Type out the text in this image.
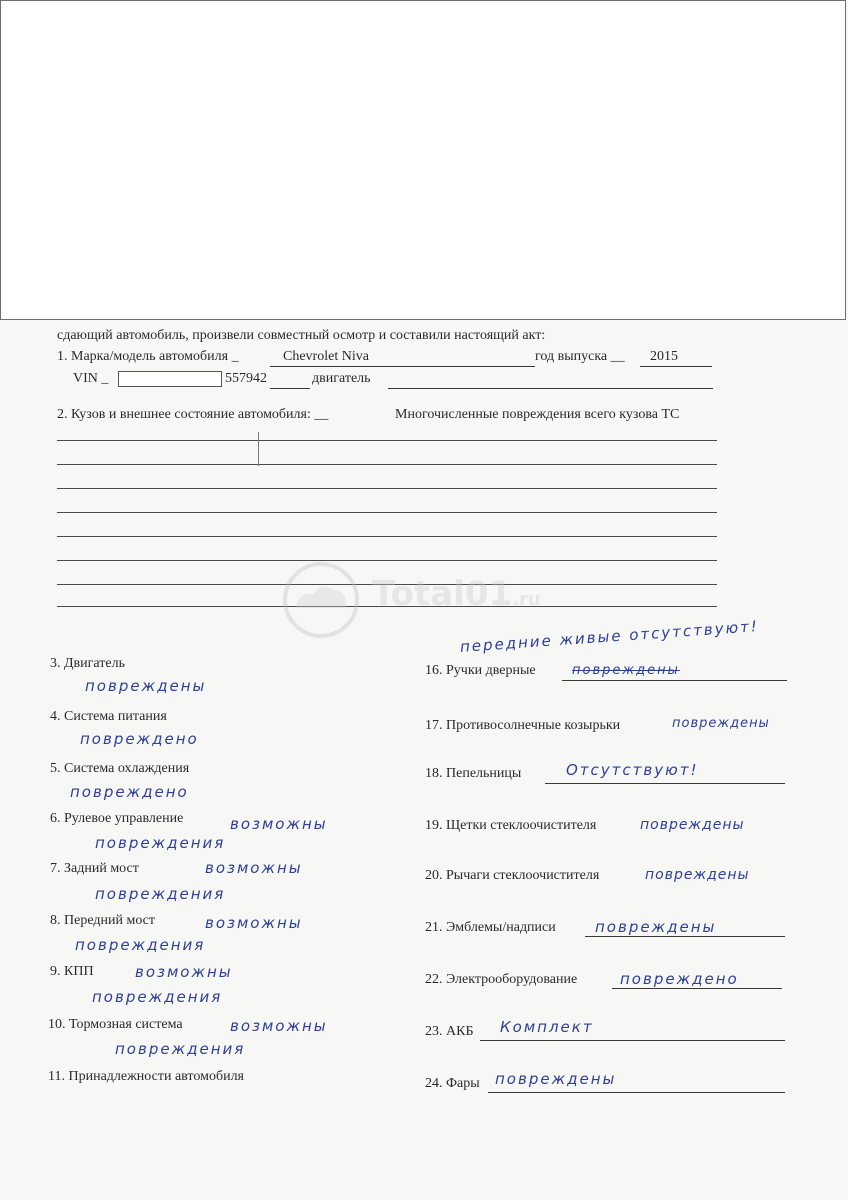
сдающий автомобиль, произвели совместный осмотр и составили настоящий акт:
1. Марка/модель автомобиля _	Chevrolet Niva	год выпуска __ 2015
VIN _	557942	двигатель
2. Кузов и внешнее состояние автомобиля: __	Многочисленные повреждения всего кузова ТС
Total01.ru
3. Двигатель
повреждены
4. Система питания
повреждено
5. Система охлаждения
повреждено
6. Рулевое управление	возможны
повреждения
7. Задний мост	возможны
повреждения
8. Передний мост	возможны
повреждения
9. КПП	возможны
повреждения
10. Тормозная система	возможны
повреждения
11. Принадлежности автомобиля
передние живые отсутствуют!
16. Ручки дверные	повреждены
17. Противосолнечные козырьки	повреждены
18. Пепельницы	Отсутствуют!
19. Щетки стеклоочистителя	повреждены
20. Рычаги стеклоочистителя	повреждены
21. Эмблемы/надписи	повреждены
22. Электрооборудование	повреждено
23. АКБ Комплект
24. Фары повреждены
